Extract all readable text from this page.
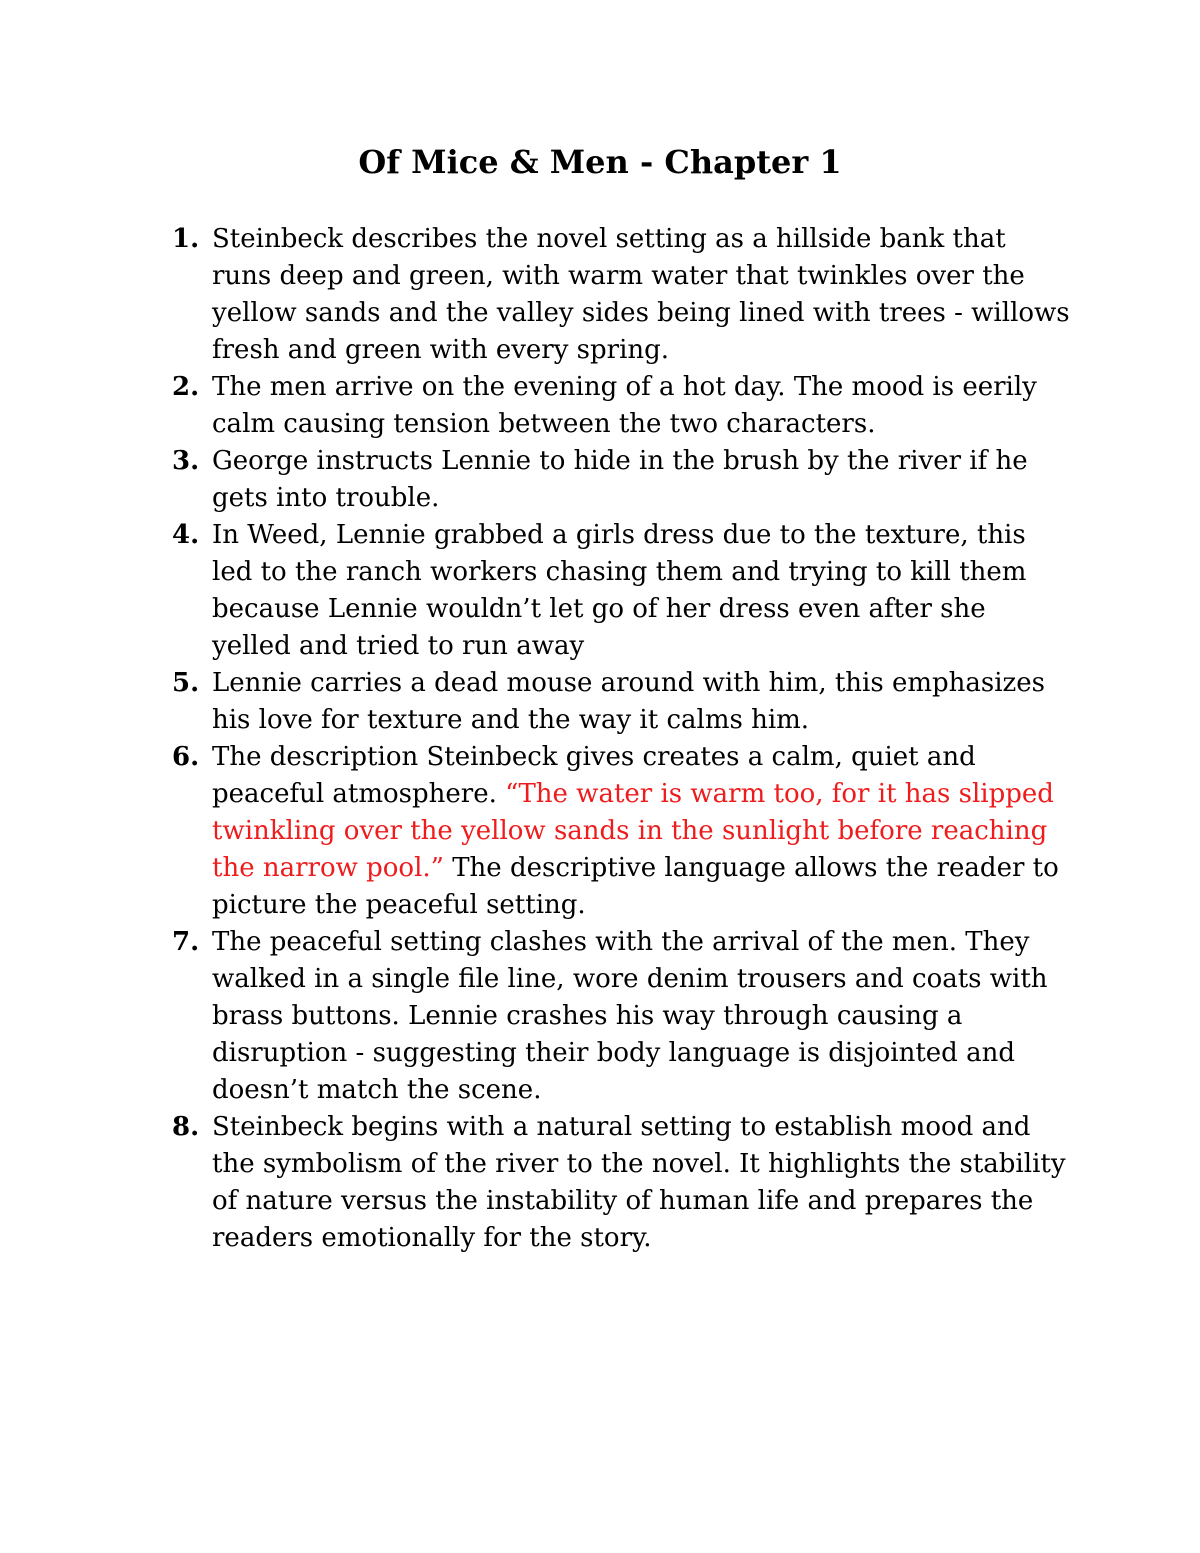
Of Mice & Men - Chapter 1
1. Steinbeck describes the novel setting as a hillside bank that runs deep and green, with warm water that twinkles over the yellow sands and the valley sides being lined with trees - willows fresh and green with every spring.
2. The men arrive on the evening of a hot day. The mood is eerily calm causing tension between the two characters.
3. George instructs Lennie to hide in the brush by the river if he gets into trouble.
4. In Weed, Lennie grabbed a girls dress due to the texture, this led to the ranch workers chasing them and trying to kill them because Lennie wouldn’t let go of her dress even after she yelled and tried to run away
5. Lennie carries a dead mouse around with him, this emphasizes his love for texture and the way it calms him.
6. The description Steinbeck gives creates a calm, quiet and peaceful atmosphere. “The water is warm too, for it has slipped twinkling over the yellow sands in the sunlight before reaching the narrow pool.” The descriptive language allows the reader to picture the peaceful setting.
7. The peaceful setting clashes with the arrival of the men. They walked in a single file line, wore denim trousers and coats with brass buttons. Lennie crashes his way through causing a disruption - suggesting their body language is disjointed and doesn’t match the scene.
8. Steinbeck begins with a natural setting to establish mood and the symbolism of the river to the novel. It highlights the stability of nature versus the instability of human life and prepares the readers emotionally for the story.
